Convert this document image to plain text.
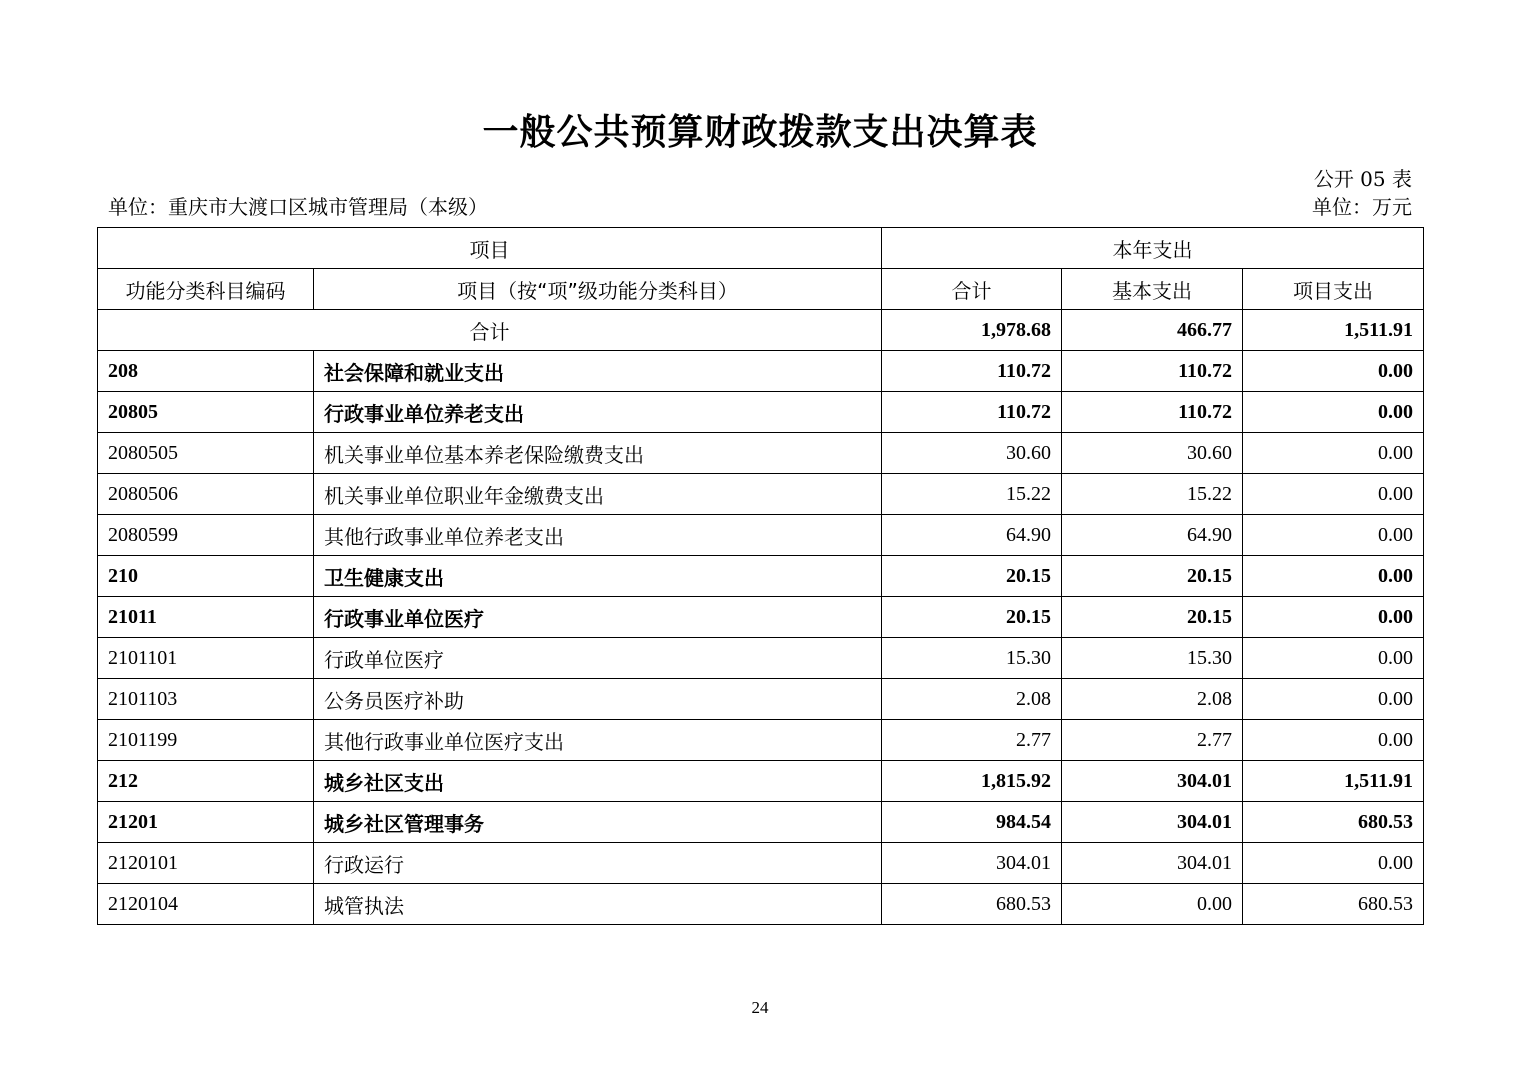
一般公共预算财政拨款支出决算表
公开 05 表
单位：重庆市大渡口区城市管理局（本级）	单位：万元
项目		本年支出		
功能分类科目编码	项目（按“项”级功能分类科目）	合计	基本支出	项目支出
合计		1,978.68	466.77	1,511.91
208	社会保障和就业支出	110.72	110.72	0.00
20805	行政事业单位养老支出	110.72	110.72	0.00
2080505	机关事业单位基本养老保险缴费支出	30.60	30.60	0.00
2080506	机关事业单位职业年金缴费支出	15.22	15.22	0.00
2080599	其他行政事业单位养老支出	64.90	64.90	0.00
210	卫生健康支出	20.15	20.15	0.00
21011	行政事业单位医疗	20.15	20.15	0.00
2101101	行政单位医疗	15.30	15.30	0.00
2101103	公务员医疗补助	2.08	2.08	0.00
2101199	其他行政事业单位医疗支出	2.77	2.77	0.00
212	城乡社区支出	1,815.92	304.01	1,511.91
21201	城乡社区管理事务	984.54	304.01	680.53
2120101	行政运行	304.01	304.01	0.00
2120104	城管执法	680.53	0.00	680.53
24
